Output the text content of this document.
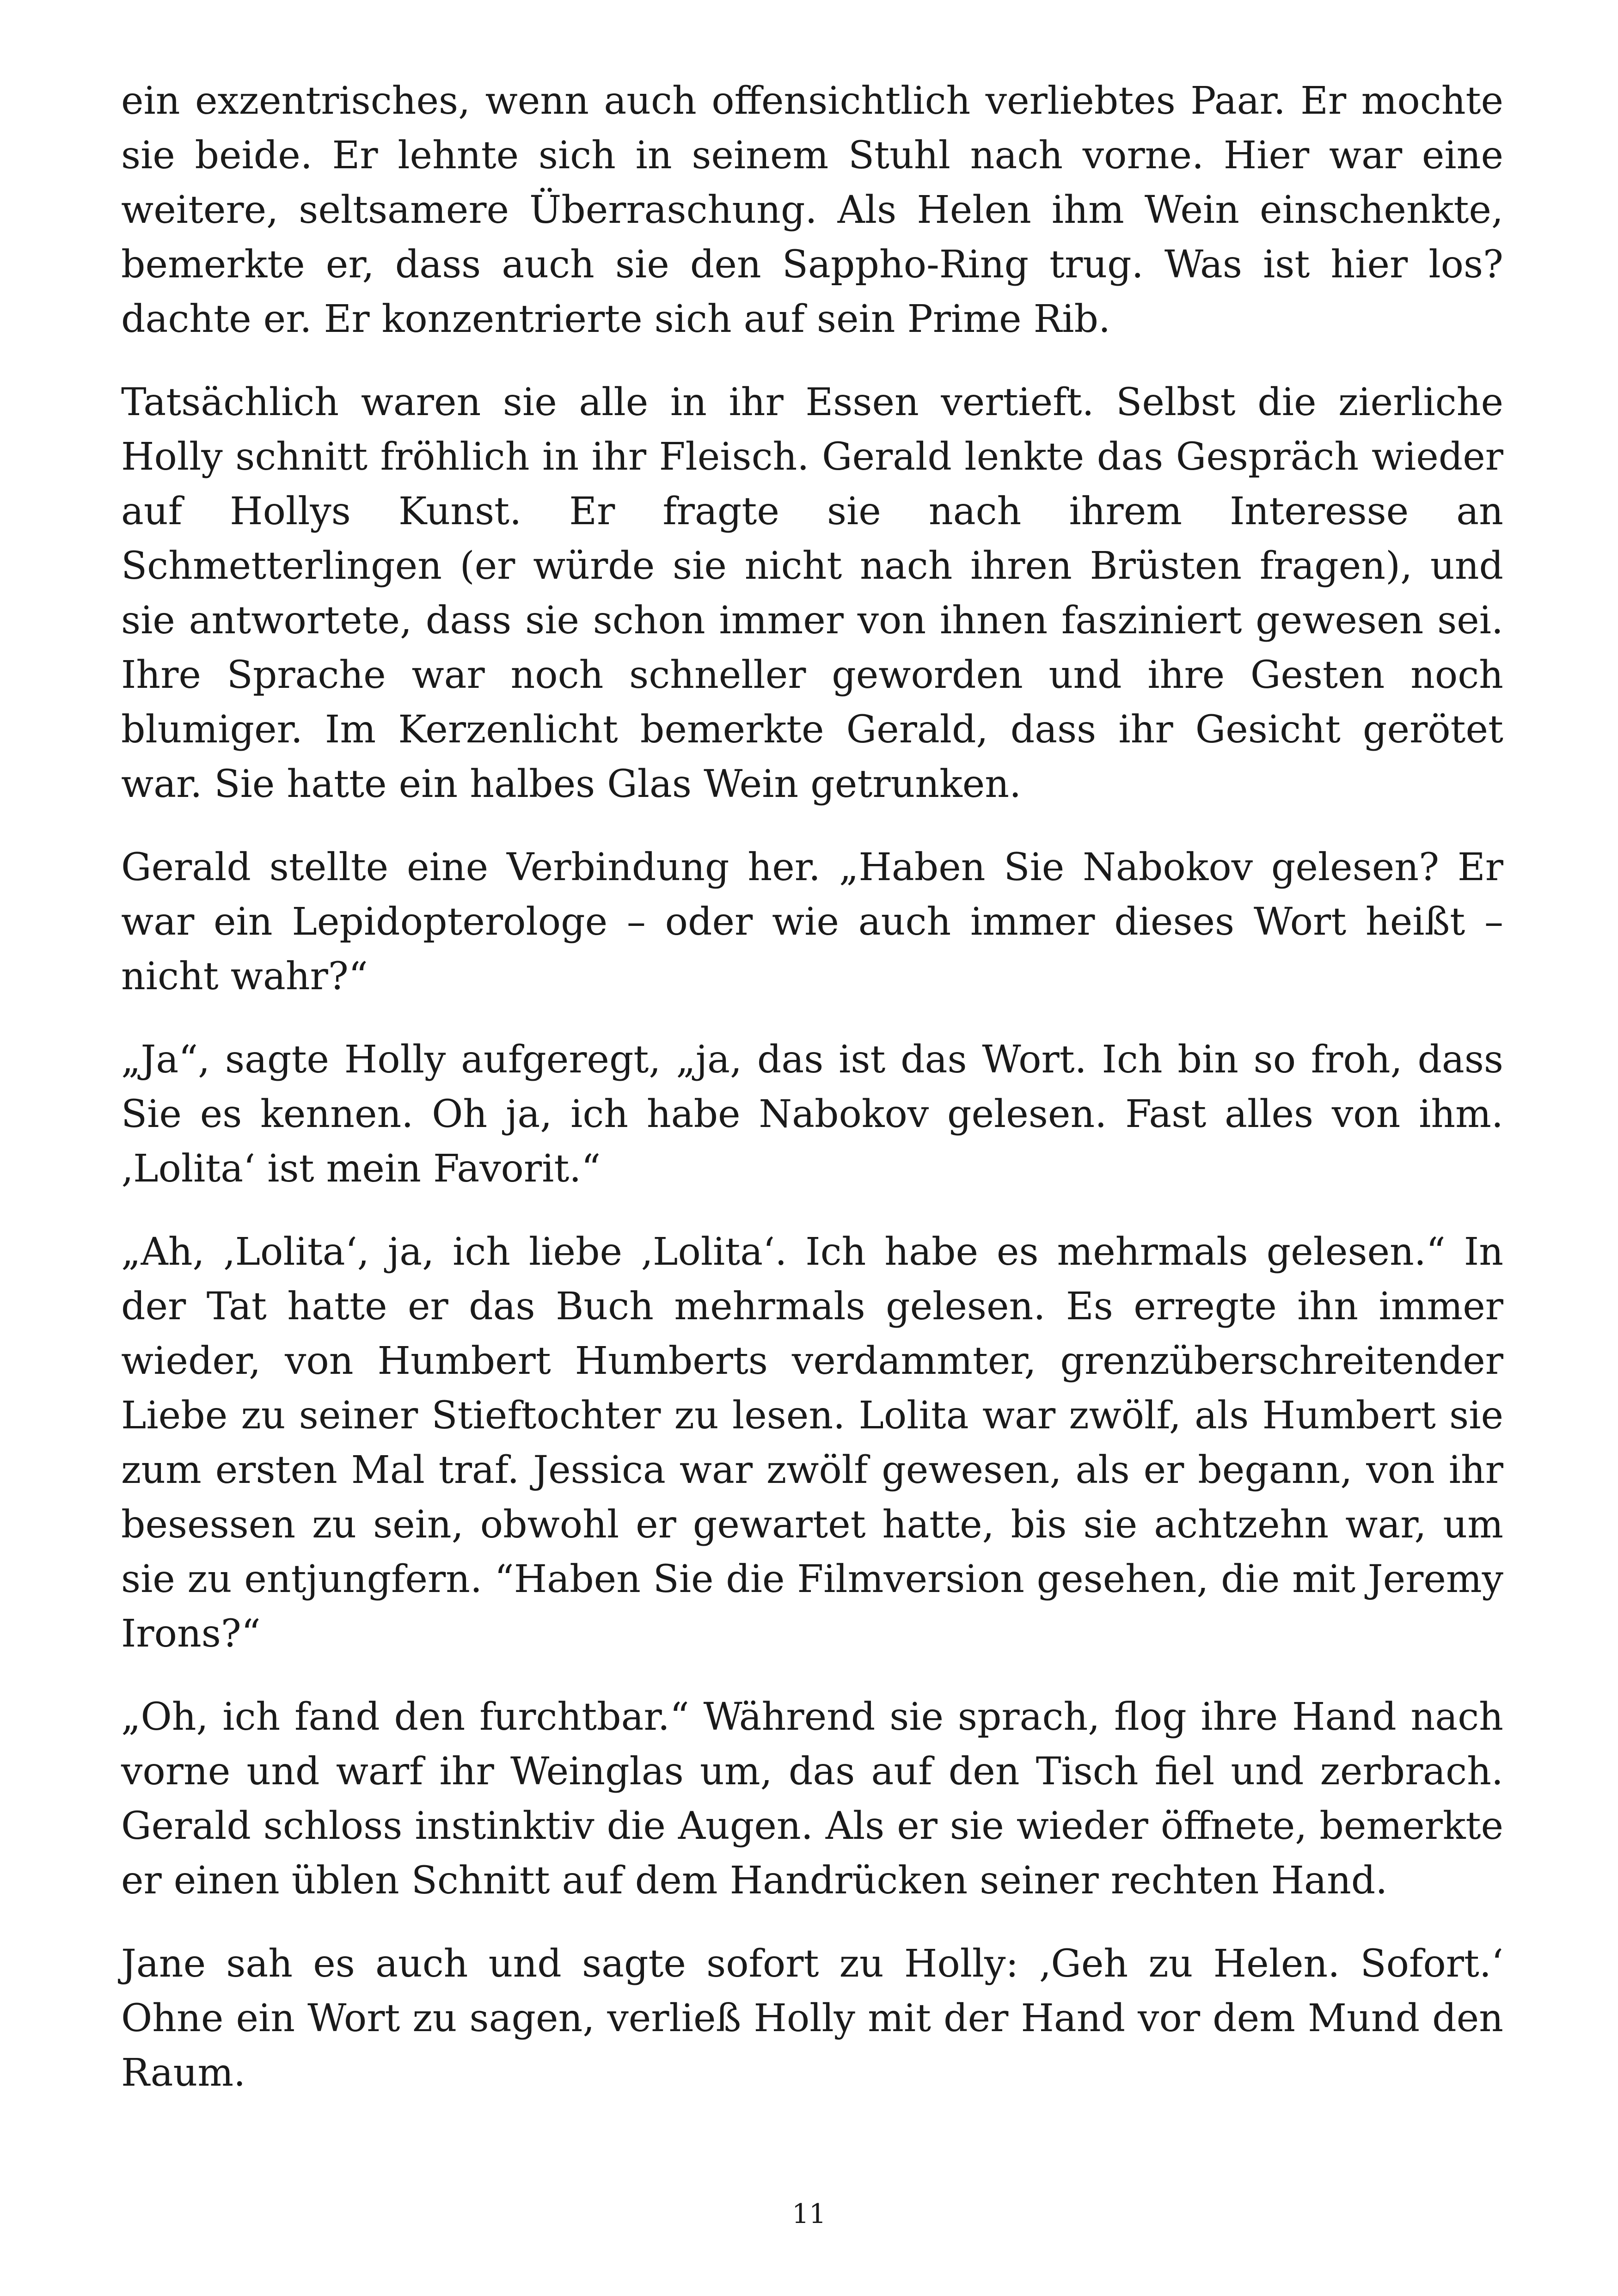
ein exzentrisches, wenn auch offensichtlich verliebtes Paar. Er mochte sie beide. Er lehnte sich in seinem Stuhl nach vorne. Hier war eine weitere, seltsamere Überraschung. Als Helen ihm Wein einschenkte, bemerkte er, dass auch sie den Sappho-Ring trug. Was ist hier los? dachte er. Er konzentrierte sich auf sein Prime Rib.

Tatsächlich waren sie alle in ihr Essen vertieft. Selbst die zierliche Holly schnitt fröhlich in ihr Fleisch. Gerald lenkte das Gespräch wieder auf Hollys Kunst. Er fragte sie nach ihrem Interesse an Schmetterlingen (er würde sie nicht nach ihren Brüsten fragen), und sie antwortete, dass sie schon immer von ihnen fasziniert gewesen sei. Ihre Sprache war noch schneller geworden und ihre Gesten noch blumiger. Im Kerzenlicht bemerkte Gerald, dass ihr Gesicht gerötet war. Sie hatte ein halbes Glas Wein getrunken.

Gerald stellte eine Verbindung her. „Haben Sie Nabokov gelesen? Er war ein Lepidopterologe – oder wie auch immer dieses Wort heißt – nicht wahr?“

„Ja“, sagte Holly aufgeregt, „ja, das ist das Wort. Ich bin so froh, dass Sie es kennen. Oh ja, ich habe Nabokov gelesen. Fast alles von ihm. ‚Lolita‘ ist mein Favorit.“

„Ah, ‚Lolita‘, ja, ich liebe ‚Lolita‘. Ich habe es mehrmals gelesen.“ In der Tat hatte er das Buch mehrmals gelesen. Es erregte ihn immer wieder, von Humbert Humberts verdammter, grenzüberschreitender Liebe zu seiner Stieftochter zu lesen. Lolita war zwölf, als Humbert sie zum ersten Mal traf. Jessica war zwölf gewesen, als er begann, von ihr besessen zu sein, obwohl er gewartet hatte, bis sie achtzehn war, um sie zu entjungfern. “Haben Sie die Filmversion gesehen, die mit Jeremy Irons?“

„Oh, ich fand den furchtbar.“ Während sie sprach, flog ihre Hand nach vorne und warf ihr Weinglas um, das auf den Tisch fiel und zerbrach. Gerald schloss instinktiv die Augen. Als er sie wieder öffnete, bemerkte er einen üblen Schnitt auf dem Handrücken seiner rechten Hand.

Jane sah es auch und sagte sofort zu Holly: ‚Geh zu Helen. Sofort.‘ Ohne ein Wort zu sagen, verließ Holly mit der Hand vor dem Mund den Raum.

11
